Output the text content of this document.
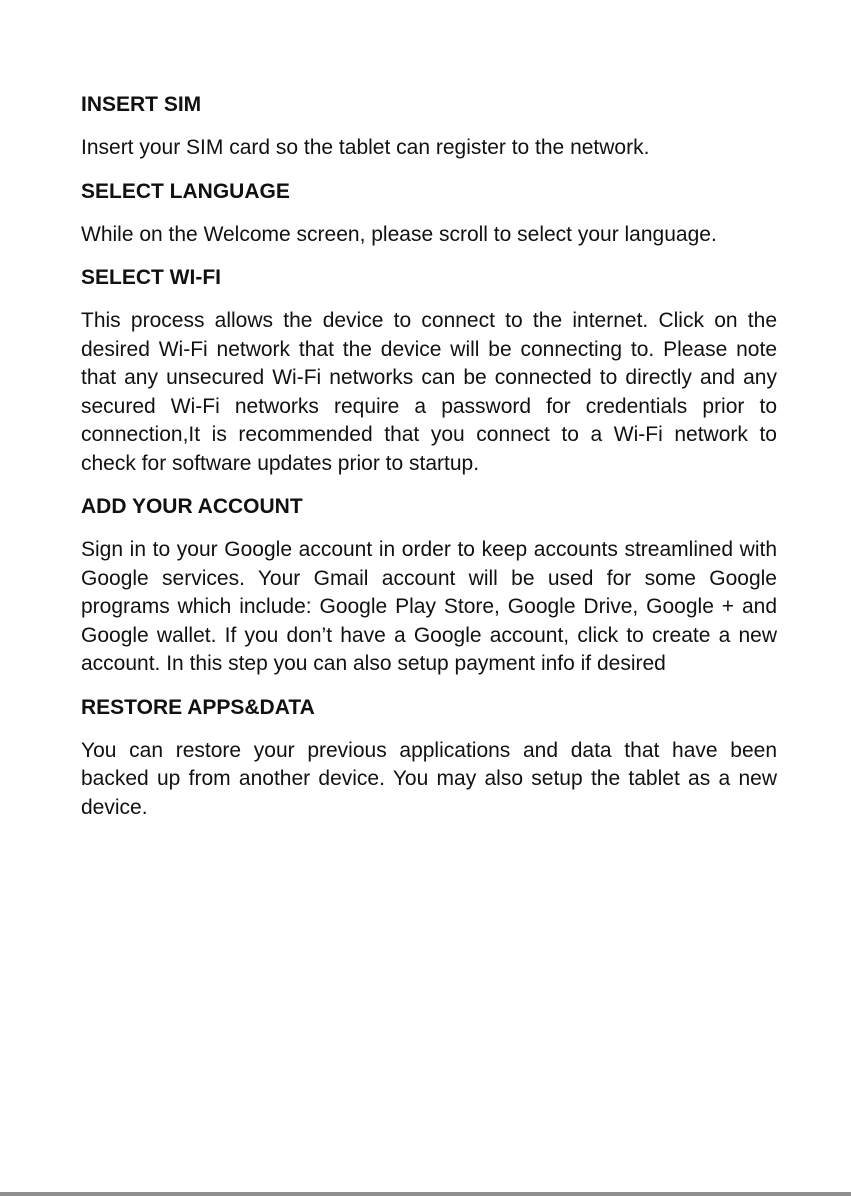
INSERT SIM
Insert your SIM card so the tablet can register to the network.
SELECT LANGUAGE
While on the Welcome screen, please scroll to select your language.
SELECT WI-FI
This process allows the device to connect to the internet. Click on the desired Wi-Fi network that the device will be connecting to. Please note that any unsecured Wi-Fi networks can be connected to directly and any secured Wi-Fi networks require a password for credentials prior to connection,It is recommended that you connect to a Wi-Fi network to check for software updates prior to startup.
ADD YOUR ACCOUNT
Sign in to your Google account in order to keep accounts streamlined with Google services. Your Gmail account will be used for some Google programs which include: Google Play Store, Google Drive, Google + and Google wallet. If you don’t have a Google account, click to create a new account. In this step you can also setup payment info if desired
RESTORE APPS&DATA
You can restore your previous applications and data that have been backed up from another device. You may also setup the tablet as a new device.
